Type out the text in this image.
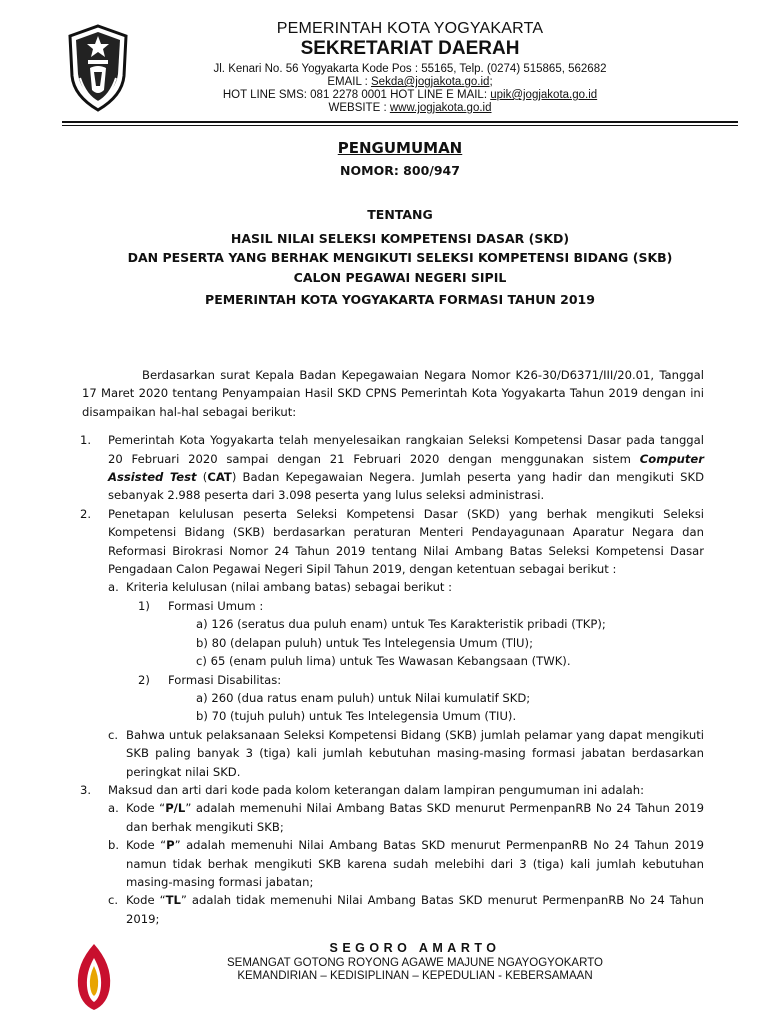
PEMERINTAH KOTA YOGYAKARTA
SEKRETARIAT DAERAH
Jl. Kenari No. 56 Yogyakarta Kode Pos : 55165, Telp. (0274) 515865, 562682
EMAIL : Sekda@jogjakota.go.id;
HOT LINE SMS: 081 2278 0001 HOT LINE E MAIL: upik@jogjakota.go.id
WEBSITE : www.jogjakota.go.id
PENGUMUMAN
NOMOR: 800/947
TENTANG
HASIL NILAI SELEKSI KOMPETENSI DASAR (SKD)
DAN PESERTA YANG BERHAK MENGIKUTI SELEKSI KOMPETENSI BIDANG (SKB)
CALON PEGAWAI NEGERI SIPIL
PEMERINTAH KOTA YOGYAKARTA FORMASI TAHUN 2019

Berdasarkan surat Kepala Badan Kepegawaian Negara Nomor K26-30/D6371/III/20.01, Tanggal 17 Maret 2020 tentang Penyampaian Hasil SKD CPNS Pemerintah Kota Yogyakarta Tahun 2019 dengan ini disampaikan hal-hal sebagai berikut:

1. Pemerintah Kota Yogyakarta telah menyelesaikan rangkaian Seleksi Kompetensi Dasar pada tanggal 20 Februari 2020 sampai dengan 21 Februari 2020 dengan menggunakan sistem Computer Assisted Test (CAT) Badan Kepegawaian Negera. Jumlah peserta yang hadir dan mengikuti SKD sebanyak 2.988 peserta dari 3.098 peserta yang lulus seleksi administrasi.
2. Penetapan kelulusan peserta Seleksi Kompetensi Dasar (SKD) yang berhak mengikuti Seleksi Kompetensi Bidang (SKB) berdasarkan peraturan Menteri Pendayagunaan Aparatur Negara dan Reformasi Birokrasi Nomor 24 Tahun 2019 tentang Nilai Ambang Batas Seleksi Kompetensi Dasar Pengadaan Calon Pegawai Negeri Sipil Tahun 2019, dengan ketentuan sebagai berikut :
a. Kriteria kelulusan (nilai ambang batas) sebagai berikut :
1)	Formasi Umum :
a) 126 (seratus dua puluh enam) untuk Tes Karakteristik pribadi (TKP);
b) 80 (delapan puluh) untuk Tes lntelegensia Umum (TlU);
c) 65 (enam puluh lima) untuk Tes Wawasan Kebangsaan (TWK).
2)	Formasi Disabilitas:
a) 260 (dua ratus enam puluh) untuk Nilai kumulatif SKD;
b) 70 (tujuh puluh) untuk Tes lntelegensia Umum (TIU).
c. Bahwa untuk pelaksanaan Seleksi Kompetensi Bidang (SKB) jumlah pelamar yang dapat mengikuti SKB paling banyak 3 (tiga) kali jumlah kebutuhan masing-masing formasi jabatan berdasarkan peringkat nilai SKD.
3. Maksud dan arti dari kode pada kolom keterangan dalam lampiran pengumuman ini adalah:
a. Kode “P/L” adalah memenuhi Nilai Ambang Batas SKD menurut PermenpanRB No 24 Tahun 2019 dan berhak mengikuti SKB;
b. Kode “P” adalah memenuhi Nilai Ambang Batas SKD menurut PermenpanRB No 24 Tahun 2019 namun tidak berhak mengikuti SKB karena sudah melebihi dari 3 (tiga) kali jumlah kebutuhan masing-masing formasi jabatan;
c. Kode “TL” adalah tidak memenuhi Nilai Ambang Batas SKD menurut PermenpanRB No 24 Tahun 2019;
SEGORO AMARTO
SEMANGAT GOTONG ROYONG AGAWE MAJUNE NGAYOGYOKARTO
KEMANDIRIAN – KEDISIPLINAN – KEPEDULIAN - KEBERSAMAAN
